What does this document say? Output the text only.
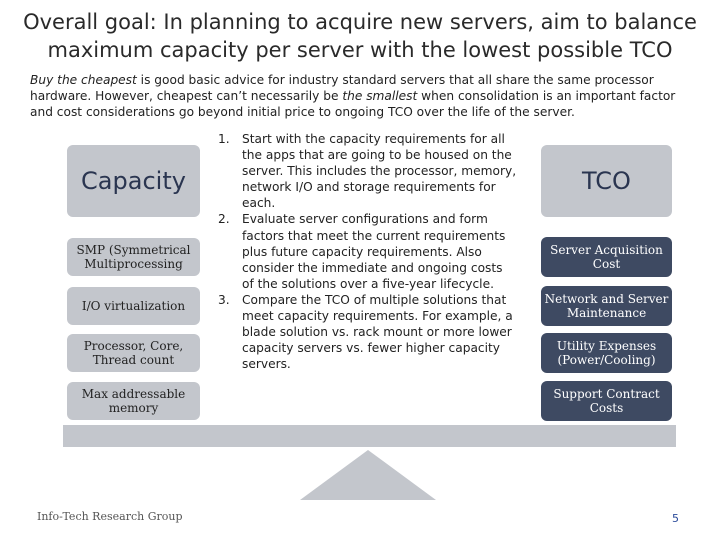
Overall goal: In planning to acquire new servers, aim to balance
maximum capacity per server with the lowest possible TCO
Buy the cheapest is good basic advice for industry standard servers that all share the same processor hardware. However, cheapest can’t necessarily be the smallest when consolidation is an important factor and cost considerations go beyond initial price to ongoing TCO over the life of the server.
Capacity
SMP (Symmetrical Multiprocessing
I/O virtualization
Processor, Core, Thread count
Max addressable memory
1.	Start with the capacity requirements for all the apps that are going to be housed on the server. This includes the processor, memory, network I/O and storage requirements for each.
2.	Evaluate server configurations and form factors that meet the current requirements plus future capacity requirements. Also consider the immediate and ongoing costs of the solutions over a five-year lifecycle.
3.	Compare the TCO of multiple solutions that meet capacity requirements. For example, a blade solution vs. rack mount or more lower capacity servers vs. fewer higher capacity servers.
TCO
Server Acquisition Cost
Network and Server Maintenance
Utility Expenses (Power/Cooling)
Support Contract Costs
Info-Tech Research Group	5
